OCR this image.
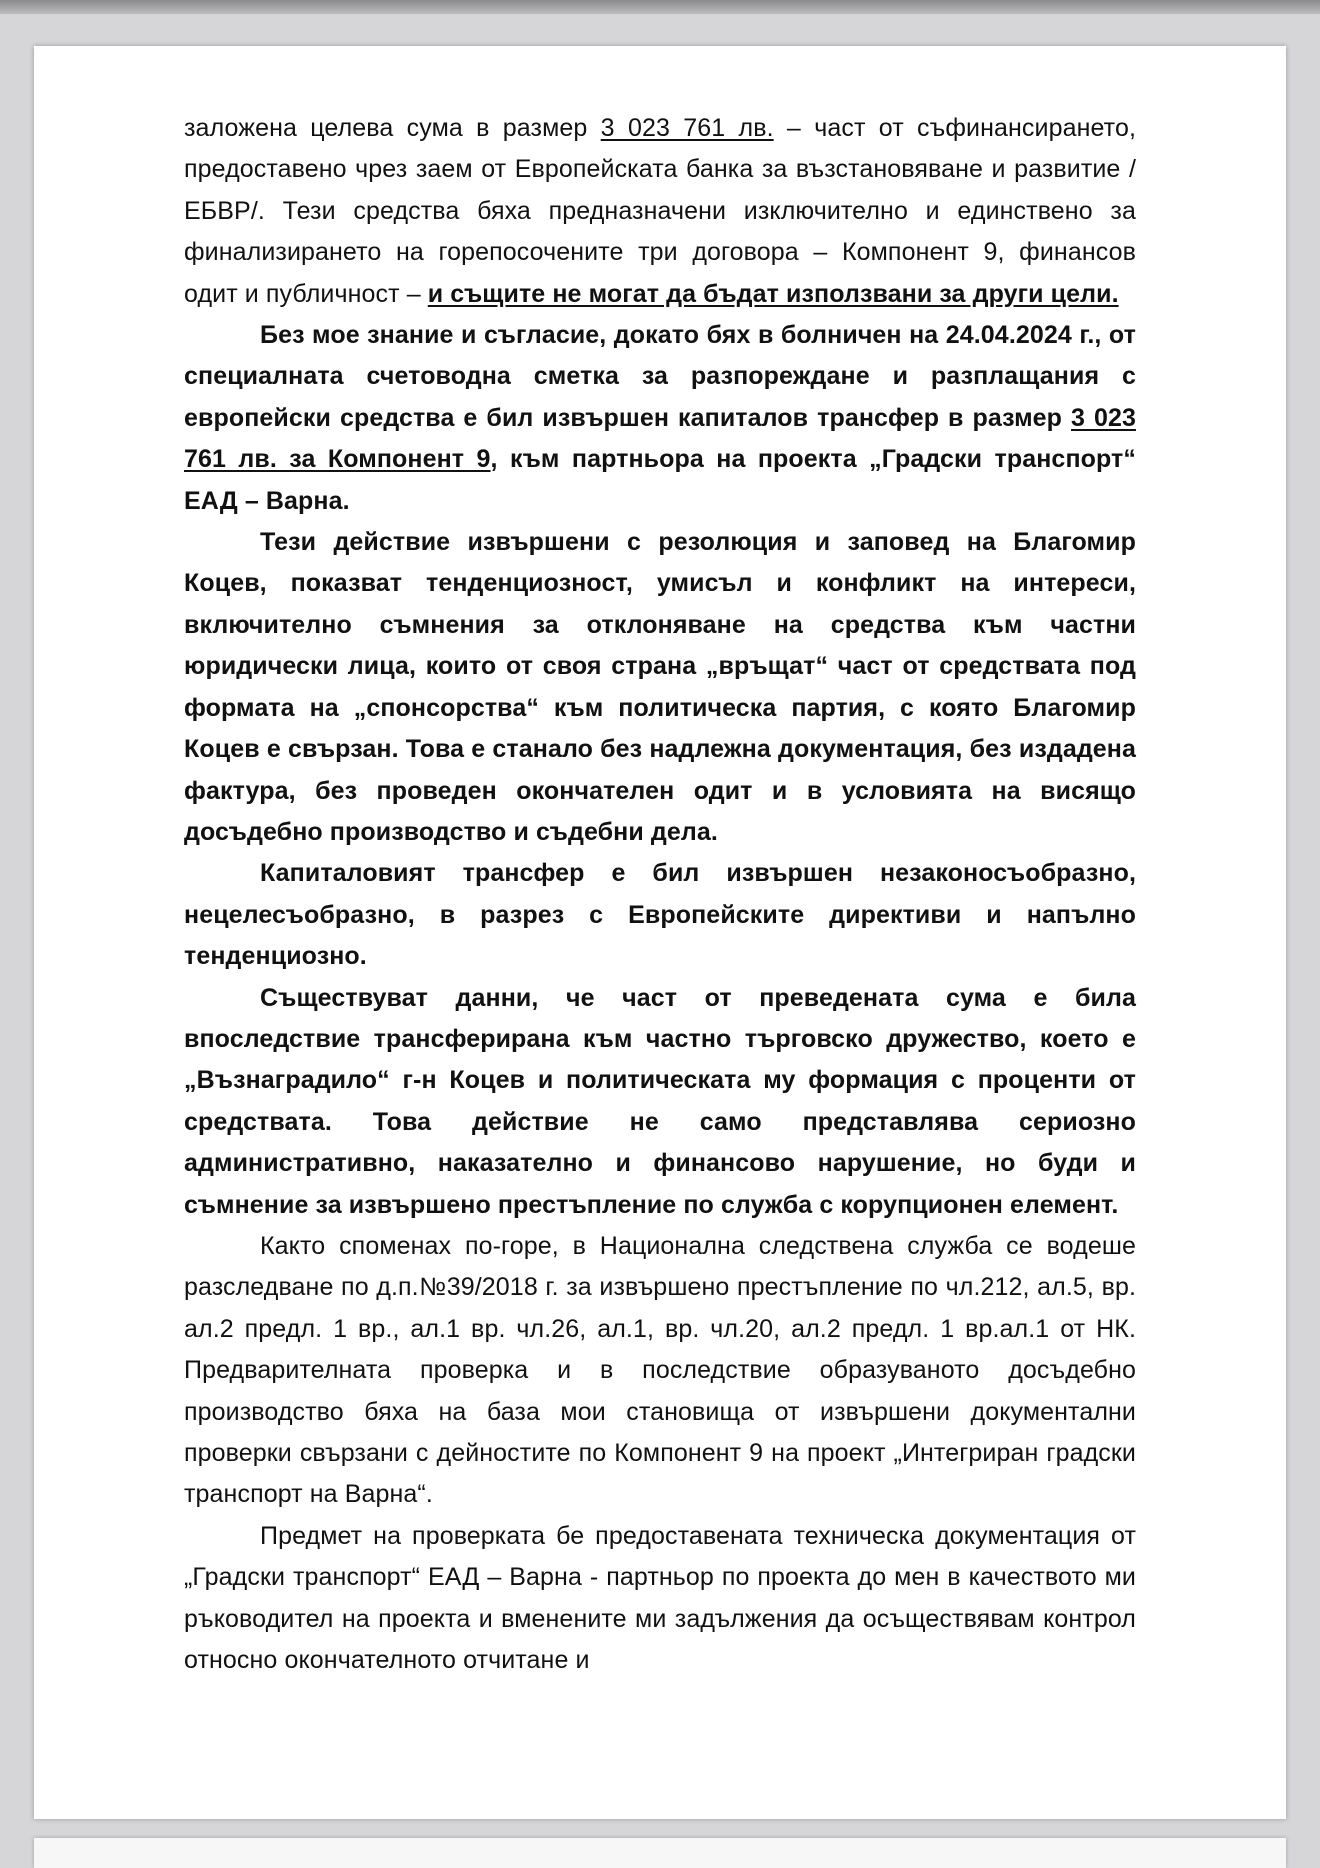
заложена целева сума в размер 3 023 761 лв. – част от съфинансирането, предоставено чрез заем от Европейската банка за възстановяване и развитие /ЕБВР/. Тези средства бяха предназначени изключително и единствено за финализирането на горепосочените три договора – Компонент 9, финансов одит и публичност – и същите не могат да бъдат използвани за други цели.

Без мое знание и съгласие, докато бях в болничен на 24.04.2024 г., от специалната счетоводна сметка за разпореждане и разплащания с европейски средства е бил извършен капиталов трансфер в размер 3 023 761 лв. за Компонент 9, към партньора на проекта „Градски транспорт“ ЕАД – Варна.

Тези действие извършени с резолюция и заповед на Благомир Коцев, показват тенденциозност, умисъл и конфликт на интереси, включително съмнения за отклоняване на средства към частни юридически лица, които от своя страна „връщат“ част от средствата под формата на „спонсорства“ към политическа партия, с която Благомир Коцев е свързан. Това е станало без надлежна документация, без издадена фактура, без проведен окончателен одит и в условията на висящо досъдебно производство и съдебни дела.

Капиталовият трансфер е бил извършен незаконосъобразно, нецелесъобразно, в разрез с Европейските директиви и напълно тенденциозно.

Съществуват данни, че част от преведената сума е била впоследствие трансферирана към частно търговско дружество, което е „Възнаградило“ г-н Коцев и политическата му формация с проценти от средствата. Това действие не само представлява сериозно административно, наказателно и финансово нарушение, но буди и съмнение за извършено престъпление по служба с корупционен елемент.

Както споменах по-горе, в Национална следствена служба се водеше разследване по д.п.№39/2018 г. за извършено престъпление по чл.212, ал.5, вр. ал.2 предл. 1 вр., ал.1 вр. чл.26, ал.1, вр. чл.20, ал.2 предл. 1 вр.ал.1 от НК. Предварителната проверка и в последствие образуваното досъдебно производство бяха на база мои становища от извършени документални проверки свързани с дейностите по Компонент 9 на проект „Интегриран градски транспорт на Варна“.

Предмет на проверката бе предоставената техническа документация от „Градски транспорт“ ЕАД – Варна - партньор по проекта до мен в качеството ми ръководител на проекта и вменените ми задължения да осъществявам контрол относно окончателното отчитане и
